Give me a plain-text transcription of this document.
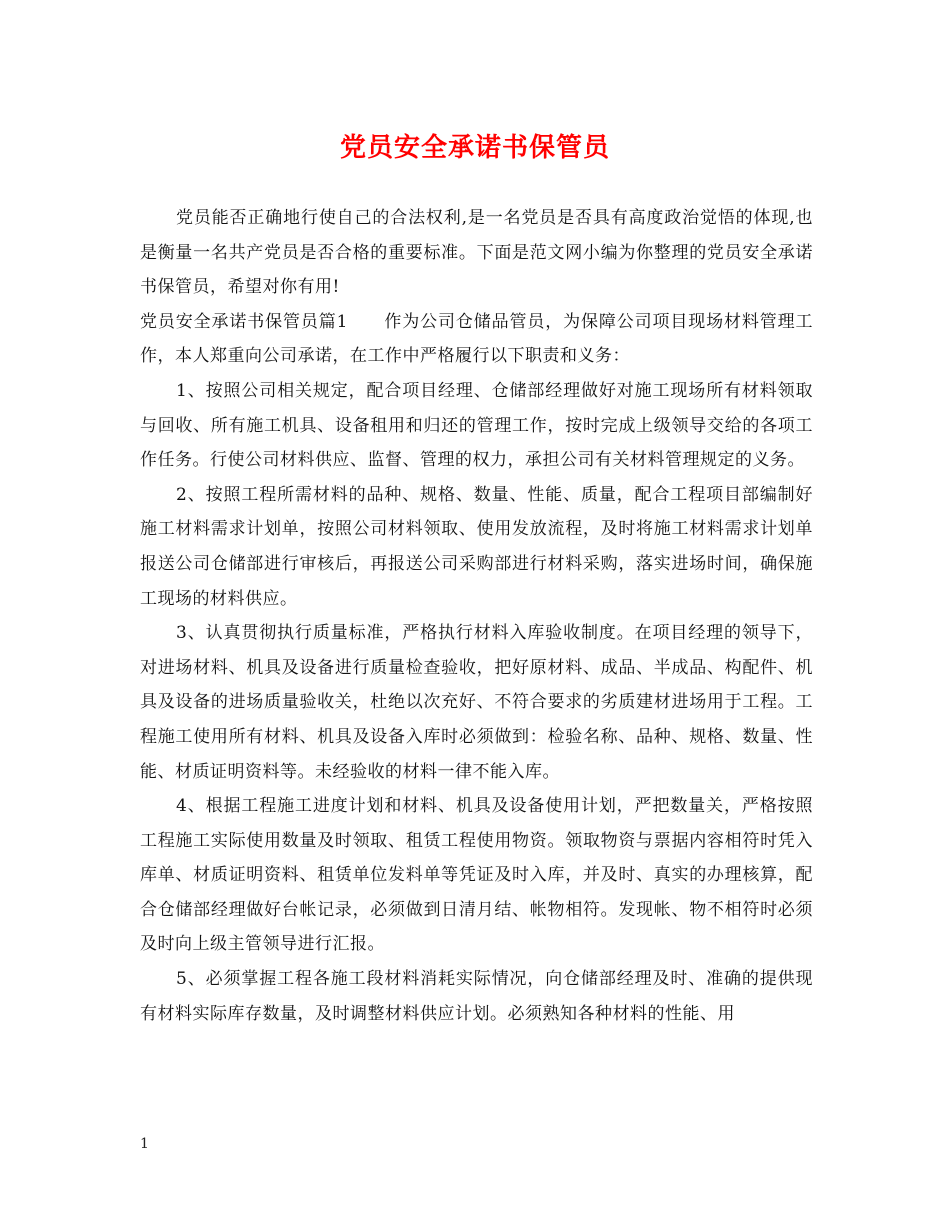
党员安全承诺书保管员

党员能否正确地行使自己的合法权利,是一名党员是否具有高度政治觉悟的体现,也是衡量一名共产党员是否合格的重要标准。下面是范文网小编为你整理的党员安全承诺书保管员，希望对你有用!

党员安全承诺书保管员篇1 作为公司仓储品管员，为保障公司项目现场材料管理工作，本人郑重向公司承诺，在工作中严格履行以下职责和义务：

1、按照公司相关规定，配合项目经理、仓储部经理做好对施工现场所有材料领取与回收、所有施工机具、设备租用和归还的管理工作，按时完成上级领导交给的各项工作任务。行使公司材料供应、监督、管理的权力，承担公司有关材料管理规定的义务。

2、按照工程所需材料的品种、规格、数量、性能、质量，配合工程项目部编制好施工材料需求计划单，按照公司材料领取、使用发放流程，及时将施工材料需求计划单报送公司仓储部进行审核后，再报送公司采购部进行材料采购，落实进场时间，确保施工现场的材料供应。

3、认真贯彻执行质量标准，严格执行材料入库验收制度。在项目经理的领导下，对进场材料、机具及设备进行质量检查验收，把好原材料、成品、半成品、构配件、机具及设备的进场质量验收关，杜绝以次充好、不符合要求的劣质建材进场用于工程。工程施工使用所有材料、机具及设备入库时必须做到：检验名称、品种、规格、数量、性能、材质证明资料等。未经验收的材料一律不能入库。

4、根据工程施工进度计划和材料、机具及设备使用计划，严把数量关，严格按照工程施工实际使用数量及时领取、租赁工程使用物资。领取物资与票据内容相符时凭入库单、材质证明资料、租赁单位发料单等凭证及时入库，并及时、真实的办理核算，配合仓储部经理做好台帐记录，必须做到日清月结、帐物相符。发现帐、物不相符时必须及时向上级主管领导进行汇报。

5、必须掌握工程各施工段材料消耗实际情况，向仓储部经理及时、准确的提供现有材料实际库存数量，及时调整材料供应计划。必须熟知各种材料的性能、用

1
